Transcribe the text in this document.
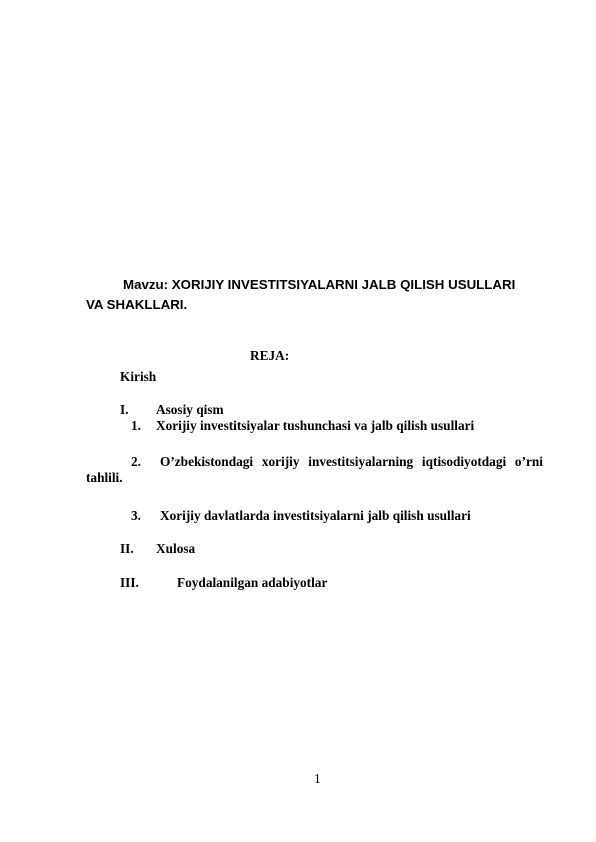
Mavzu: XORIJIY INVESTITSIYALARNI JALB QILISH USULLARI
VA SHAKLLARI.
REJA:
Kirish
I. Asosiy qism
1. Xorijiy investitsiyalar tushunchasi va jalb qilish usullari
2. O’zbekistondagi xorijiy investitsiyalarning iqtisodiyotdagi o’rni
tahlili.
3. Xorijiy davlatlarda investitsiyalarni jalb qilish usullari
II. Xulosa
III.	Foydalanilgan adabiyotlar
1
